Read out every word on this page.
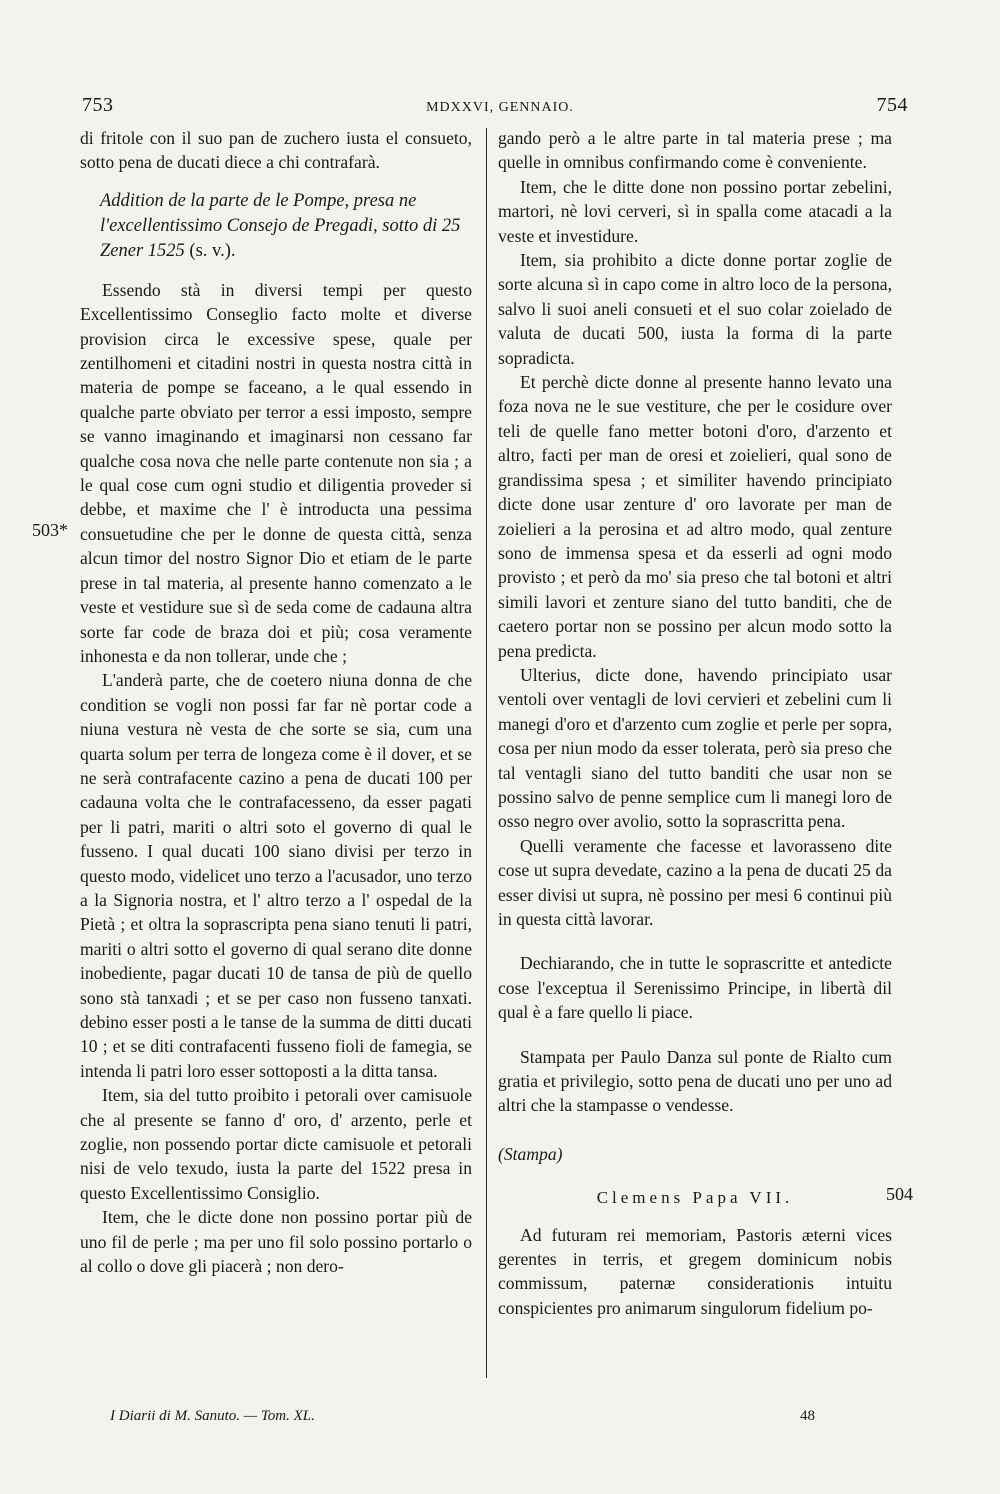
753	MDXXVI, GENNAIO.	754
503*
504

di fritole con il suo pan de zuchero iusta el consueto, sotto pena de ducati diece a chi contrafarà.

Addition de la parte de le Pompe, presa ne l'excellentissimo Consejo de Pregadi, sotto di 25 Zener 1525 (s. v.).

Essendo stà in diversi tempi per questo Excellentissimo Conseglio facto molte et diverse provision circa le excessive spese, quale per zentilhomeni et citadini nostri in questa nostra città in materia de pompe se faceano, a le qual essendo in qualche parte obviato per terror a essi imposto, sempre se vanno imaginando et imaginarsi non cessano far qualche cosa nova che nelle parte contenute non sia ; a le qual cose cum ogni studio et diligentia proveder si debbe, et maxime che l' è introducta una pessima consuetudine che per le donne de questa città, senza alcun timor del nostro Signor Dio et etiam de le parte prese in tal materia, al presente hanno comenzato a le veste et vestidure sue sì de seda come de cadauna altra sorte far code de braza doi et più; cosa veramente inhonesta e da non tollerar, unde che ;

L'anderà parte, che de coetero niuna donna de che condition se vogli non possi far far nè portar code a niuna vestura nè vesta de che sorte se sia, cum una quarta solum per terra de longeza come è il dover, et se ne serà contrafacente cazino a pena de ducati 100 per cadauna volta che le contrafacesseno, da esser pagati per li patri, mariti o altri soto el governo di qual le fusseno. I qual ducati 100 siano divisi per terzo in questo modo, videlicet uno terzo a l'acusador, uno terzo a la Signoria nostra, et l' altro terzo a l' ospedal de la Pietà ; et oltra la soprascripta pena siano tenuti li patri, mariti o altri sotto el governo di qual serano dite donne inobediente, pagar ducati 10 de tansa de più de quello sono stà tanxadi ; et se per caso non fusseno tanxati. debino esser posti a le tanse de la summa de ditti ducati 10 ; et se diti contrafacenti fusseno fioli de famegia, se intenda li patri loro esser sottoposti a la ditta tansa.

Item, sia del tutto proibito i petorali over camisuole che al presente se fanno d' oro, d' arzento, perle et zoglie, non possendo portar dicte camisuole et petorali nisi de velo texudo, iusta la parte del 1522 presa in questo Excellentissimo Consiglio.

Item, che le dicte done non possino portar più de uno fil de perle ; ma per uno fil solo possino portarlo o al collo o dove gli piacerà ; non dero-

gando però a le altre parte in tal materia prese ; ma quelle in omnibus confirmando come è conveniente.

Item, che le ditte done non possino portar zebelini, martori, nè lovi cerveri, sì in spalla come atacadi a la veste et investidure.

Item, sia prohibito a dicte donne portar zoglie de sorte alcuna sì in capo come in altro loco de la persona, salvo li suoi aneli consueti et el suo colar zoielado de valuta de ducati 500, iusta la forma di la parte sopradicta.

Et perchè dicte donne al presente hanno levato una foza nova ne le sue vestiture, che per le cosidure over teli de quelle fano metter botoni d'oro, d'arzento et altro, facti per man de oresi et zoielieri, qual sono de grandissima spesa ; et similiter havendo principiato dicte done usar zenture d' oro lavorate per man de zoielieri a la perosina et ad altro modo, qual zenture sono de immensa spesa et da esserli ad ogni modo provisto ; et però da mo' sia preso che tal botoni et altri simili lavori et zenture siano del tutto banditi, che de caetero portar non se possino per alcun modo sotto la pena predicta.

Ulterius, dicte done, havendo principiato usar ventoli over ventagli de lovi cervieri et zebelini cum li manegi d'oro et d'arzento cum zoglie et perle per sopra, cosa per niun modo da esser tolerata, però sia preso che tal ventagli siano del tutto banditi che usar non se possino salvo de penne semplice cum li manegi loro de osso negro over avolio, sotto la soprascritta pena.

Quelli veramente che facesse et lavorasseno dite cose ut supra devedate, cazino a la pena de ducati 25 da esser divisi ut supra, nè possino per mesi 6 continui più in questa città lavorar.

Dechiarando, che in tutte le soprascritte et antedicte cose l'exceptua il Serenissimo Principe, in libertà dil qual è a fare quello li piace.

Stampata per Paulo Danza sul ponte de Rialto cum gratia et privilegio, sotto pena de ducati uno per uno ad altri che la stampasse o vendesse.

(Stampa)

Clemens Papa VII.

Ad futuram rei memoriam, Pastoris æterni vices gerentes in terris, et gregem dominicum nobis commissum, paternæ considerationis intuitu conspicientes pro animarum singulorum fidelium po-

I Diarii di M. Sanuto. — Tom. XL.	48
